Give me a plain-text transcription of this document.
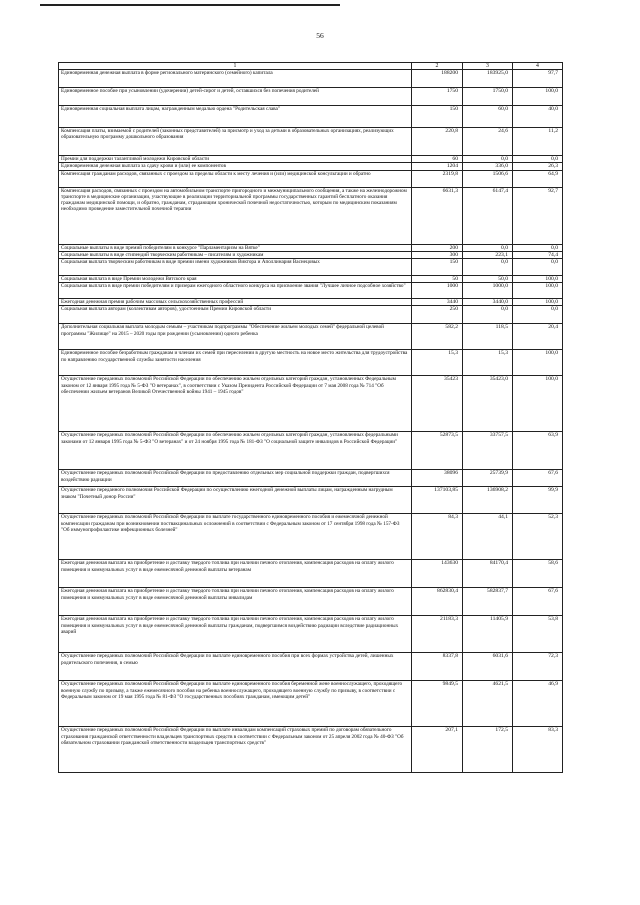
56
1	2	3	4
Единовременная денежная выплата в форме регионального материнского (семейного) капитала	188200	183925,0	97,7
Единовременное пособие при усыновлении (удочерении) детей-сирот и детей, оставшихся без попечения родителей	1750	1750,0	100,0
Единовременная социальная выплата лицам, награжденным медалью ордена "Родительская слава"	150	60,0	40,0
Компенсация платы, взимаемой с родителей (законных представителей) за присмотр и уход за детьми в образовательных организациях, реализующих образовательную программу дошкольного образования	220,8	24,6	11,2
Премии для поддержки талантливой молодежи Кировской области	60	0,0	0,0
Единовременная денежная выплата за сдачу крови и (или) ее компонентов	1204	336,0	26,3
Компенсация гражданам расходов, связанных с проездом за пределы области к месту лечения и (или) медицинской консультации и обратно	2319,8	1506,6	64,9
Компенсация расходов, связанных с проездом на автомобильном транспорте пригородного и межмуниципального сообщения, а также на железнодорожном транспорте в медицинские организации, участвующие в реализации территориальной программы государственных гарантий бесплатного оказания гражданам медицинской помощи, и обратно, гражданам, страдающим хронической почечной недостаточностью, которым по медицинским показаниям необходимо проведение заместительной почечной терапии	6631,3	6147,4	92,7
Социальные выплаты в виде премий победителям в конкурсе "Парламентаризм на Вятке"	200	0,0	0,0
Социальные выплаты в виде стипендий творческим работникам – писателям и художникам	300	223,1	74,4
Социальная выплата творческим работникам в виде премии имени художников Виктора и Аполлинария Васнецовых	150	0,0	0,0
Социальная выплата в виде Премии молодежи Вятского края	50	50,0	100,0
Социальная выплата в виде премии победителям и призерам ежегодного областного конкурса на присвоение звания "Лучшее личное подсобное хозяйство"	1000	1000,0	100,0
Ежегодная денежная премия рабочим массовых сельскохозяйственных профессий	3440	3440,0	100,0
Социальная выплата авторам (коллективам авторов), удостоенным Премии Кировской области	250	0,0	0,0
Дополнительная социальная выплата молодым семьям – участникам подпрограммы "Обеспечение жильем молодых семей" федеральной целевой программы "Жилище" на 2015 – 2020 годы при рождении (усыновлении) одного ребенка	582,2	118,5	20,4
Единовременное пособие безработным гражданам и членам их семей при переселении в другую местность на новое место жительства для трудоустройства по направлению государственной службы занятости населения	15,3	15,3	100,0
Осуществление переданных полномочий Российской Федерации по обеспечению жильем отдельных категорий граждан, установленных Федеральным законом от 12 января 1995 года № 5-ФЗ "О ветеранах", в соответствии с Указом Президента Российской Федерации от 7 мая 2008 года № 714 "Об обеспечении жильем ветеранов Великой Отечественной войны 1941 – 1945 годов"	35423	35423,0	100,0
Осуществление переданных полномочий Российской Федерации по обеспечению жильем отдельных категорий граждан, установленных федеральными законами от 12 января 1995 года № 5-ФЗ "О ветеранах" и от 24 ноября 1995 года № 181-ФЗ "О социальной защите инвалидов в Российской Федерации"	52873,5	33757,5	63,9
Осуществление переданных полномочий Российской Федерации по предоставлению отдельных мер социальной поддержки граждан, подвергшихся воздействию радиации	38096	25739,9	67,6
Осуществление переданного полномочия Российской Федерации по осуществлению ежегодной денежной выплаты лицам, награжденным нагрудным знаком "Почетный донор России"	137103,85	136908,2	99,9
Осуществление переданных полномочий Российской Федерации по выплате государственного единовременного пособия и ежемесячной денежной компенсации гражданам при возникновении поствакцинальных осложнений в соответствии с Федеральным законом от 17 сентября 1998 года № 157-ФЗ "Об иммунопрофилактике инфекционных болезней"	84,3	44,1	52,3
Ежегодная денежная выплата на приобретение и доставку твердого топлива при наличии печного отопления, компенсация расходов на оплату жилого помещения и коммунальных услуг в виде ежемесячной денежной выплаты ветеранам	143630	84170,4	58,6
Ежегодная денежная выплата на приобретение и доставку твердого топлива при наличии печного отопления, компенсация расходов на оплату жилого помещения и коммунальных услуг в виде ежемесячной денежной выплаты инвалидам	862830,4	582837,7	67,6
Ежегодная денежная выплата на приобретение и доставку твердого топлива при наличии печного отопления, компенсация расходов на оплату жилого помещения и коммунальных услуг в виде ежемесячной денежной выплаты гражданам, подвергшимся воздействию радиации вследствие радиационных аварий	21183,3	11405,9	53,8
Осуществление переданных полномочий Российской Федерации по выплате единовременного пособия при всех формах устройства детей, лишенных родительского попечения, в семью	8337,8	6031,6	72,3
Осуществление переданных полномочий Российской Федерации по выплате единовременного пособия беременной жене военнослужащего, проходящего военную службу по призыву, а также ежемесячного пособия на ребенка военнослужащего, проходящего военную службу по призыву, в соответствии с Федеральным законом от 19 мая 1995 года № 81-ФЗ "О государственных пособиях гражданам, имеющим детей"	9849,5	4621,5	46,9
Осуществление переданных полномочий Российской Федерации по выплате инвалидам компенсаций страховых премий по договорам обязательного страхования гражданской ответственности владельцев транспортных средств в соответствии с Федеральным законом от 25 апреля 2002 года № 40-ФЗ "Об обязательном страховании гражданской ответственности владельцев транспортных средств"	207,1	172,5	83,3
